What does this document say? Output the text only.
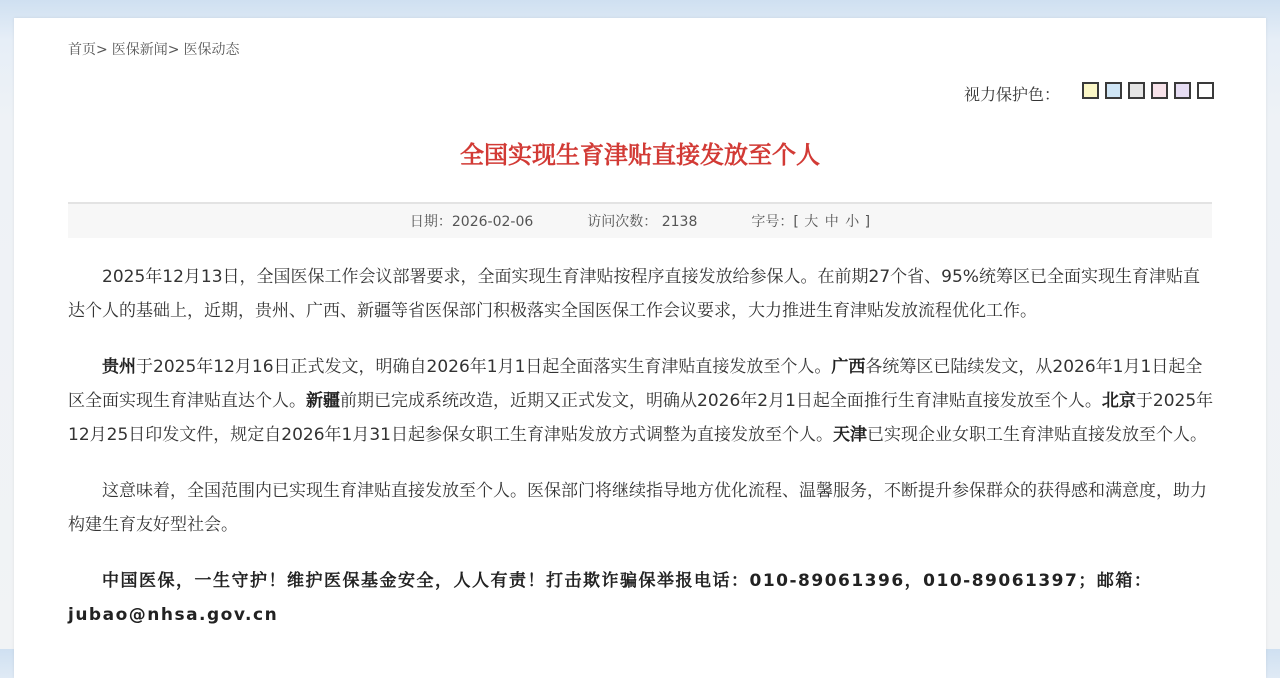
首页> 医保新闻> 医保动态
视力保护色：
全国实现生育津贴直接发放至个人
日期：2026-02-06	访问次数： 2138	字号：[ 大 中 小 ]

2025年12月13日，全国医保工作会议部署要求，全面实现生育津贴按程序直接发放给参保人。在前期27个省、95%统筹区已全面实现生育津贴直达个人的基础上，近期，贵州、广西、新疆等省医保部门积极落实全国医保工作会议要求，大力推进生育津贴发放流程优化工作。

贵州于2025年12月16日正式发文，明确自2026年1月1日起全面落实生育津贴直接发放至个人。广西各统筹区已陆续发文，从2026年1月1日起全区全面实现生育津贴直达个人。新疆前期已完成系统改造，近期又正式发文，明确从2026年2月1日起全面推行生育津贴直接发放至个人。北京于2025年12月25日印发文件，规定自2026年1月31日起参保女职工生育津贴发放方式调整为直接发放至个人。天津已实现企业女职工生育津贴直接发放至个人。

这意味着，全国范围内已实现生育津贴直接发放至个人。医保部门将继续指导地方优化流程、温馨服务，不断提升参保群众的获得感和满意度，助力构建生育友好型社会。

中国医保，一生守护！维护医保基金安全，人人有责！打击欺诈骗保举报电话：010-89061396，010-89061397；邮箱：jubao@nhsa.gov.cn
